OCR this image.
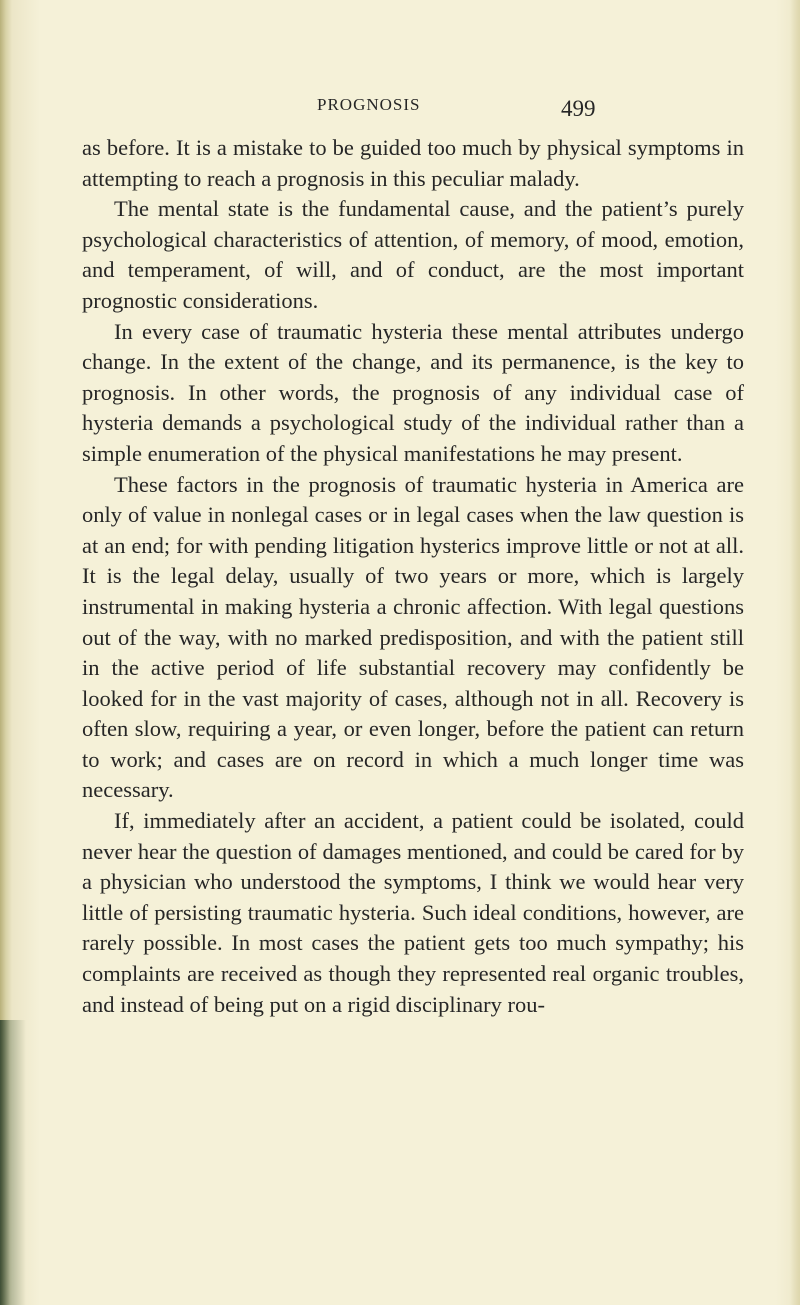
PROGNOSIS	499

as before. It is a mistake to be guided too much by physical symptoms in attempting to reach a prognosis in this peculiar malady.

The mental state is the fundamental cause, and the patient’s purely psychological characteristics of attention, of memory, of mood, emotion, and temperament, of will, and of conduct, are the most important prognostic considerations.

In every case of traumatic hysteria these mental attributes undergo change. In the extent of the change, and its permanence, is the key to prognosis. In other words, the prognosis of any individual case of hysteria demands a psychological study of the individual rather than a simple enumeration of the physical manifestations he may present.

These factors in the prognosis of traumatic hysteria in America are only of value in nonlegal cases or in legal cases when the law question is at an end; for with pending litigation hysterics improve little or not at all. It is the legal delay, usually of two years or more, which is largely instrumental in making hysteria a chronic affection. With legal questions out of the way, with no marked predisposition, and with the patient still in the active period of life substantial recovery may confidently be looked for in the vast majority of cases, although not in all. Recovery is often slow, requiring a year, or even longer, before the patient can return to work; and cases are on record in which a much longer time was necessary.

If, immediately after an accident, a patient could be isolated, could never hear the question of damages mentioned, and could be cared for by a physician who understood the symptoms, I think we would hear very little of persisting traumatic hysteria. Such ideal conditions, however, are rarely possible. In most cases the patient gets too much sympathy; his complaints are received as though they represented real organic troubles, and instead of being put on a rigid disciplinary rou-
